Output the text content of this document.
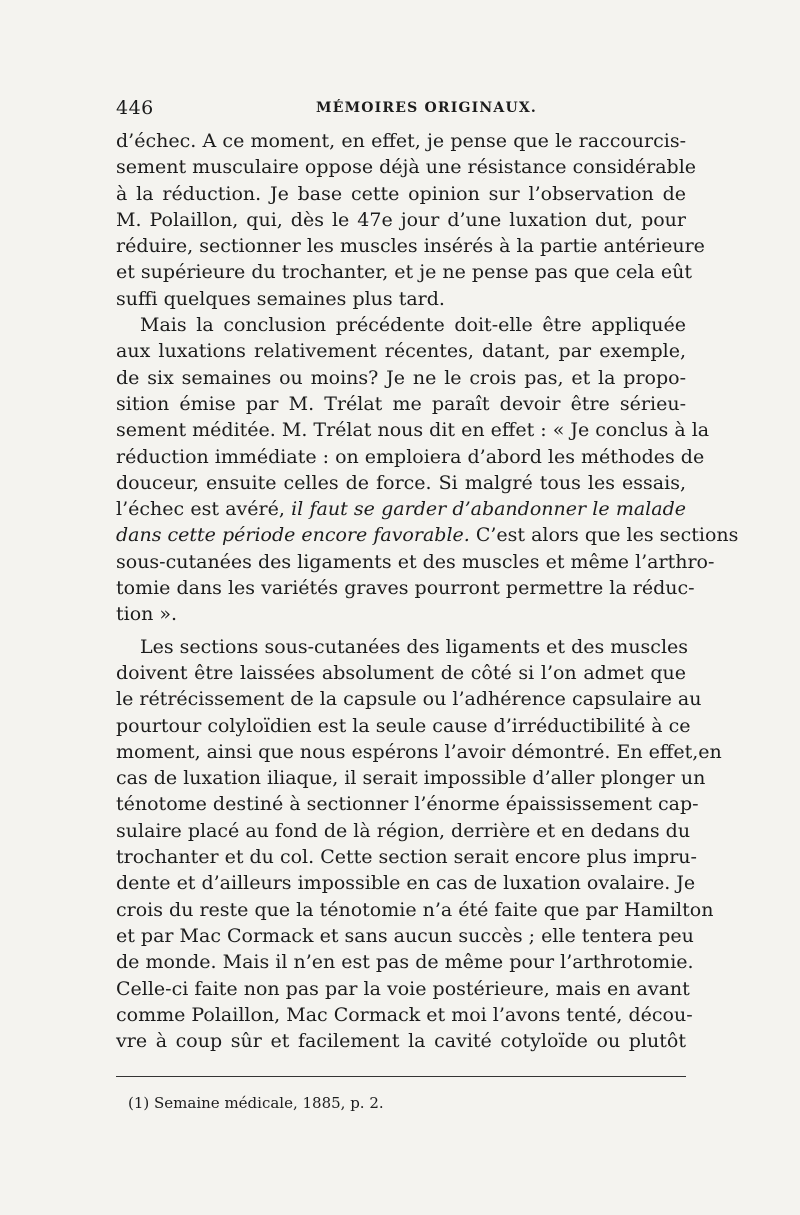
446	MÉMOIRES ORIGINAUX.
d’échec. A ce moment, en effet, je pense que le raccourcis-
sement musculaire oppose déjà une résistance considérable
à la réduction. Je base cette opinion sur l’observation de
M. Polaillon, qui, dès le 47e jour d’une luxation dut, pour
réduire, sectionner les muscles insérés à la partie antérieure
et supérieure du trochanter, et je ne pense pas que cela eût
suffi quelques semaines plus tard.
Mais la conclusion précédente doit-elle être appliquée
aux luxations relativement récentes, datant, par exemple,
de six semaines ou moins? Je ne le crois pas, et la propo-
sition émise par M. Trélat me paraît devoir être sérieu-
sement méditée. M. Trélat nous dit en effet : « Je conclus à la
réduction immédiate : on emploiera d’abord les méthodes de
douceur, ensuite celles de force. Si malgré tous les essais,
l’échec est avéré, il faut se garder d’abandonner le malade
dans cette période encore favorable. C’est alors que les sections
sous-cutanées des ligaments et des muscles et même l’arthro-
tomie dans les variétés graves pourront permettre la réduc-
tion ».
Les sections sous-cutanées des ligaments et des muscles
doivent être laissées absolument de côté si l’on admet que
le rétrécissement de la capsule ou l’adhérence capsulaire au
pourtour colyloïdien est la seule cause d’irréductibilité à ce
moment, ainsi que nous espérons l’avoir démontré. En effet,en
cas de luxation iliaque, il serait impossible d’aller plonger un
ténotome destiné à sectionner l’énorme épaississement cap-
sulaire placé au fond de là région, derrière et en dedans du
trochanter et du col. Cette section serait encore plus impru-
dente et d’ailleurs impossible en cas de luxation ovalaire. Je
crois du reste que la ténotomie n’a été faite que par Hamilton
et par Mac Cormack et sans aucun succès ; elle tentera peu
de monde. Mais il n’en est pas de même pour l’arthrotomie.
Celle-ci faite non pas par la voie postérieure, mais en avant
comme Polaillon, Mac Cormack et moi l’avons tenté, décou-
vre à coup sûr et facilement la cavité cotyloïde ou plutôt
(1) Semaine médicale, 1885, p. 2.
